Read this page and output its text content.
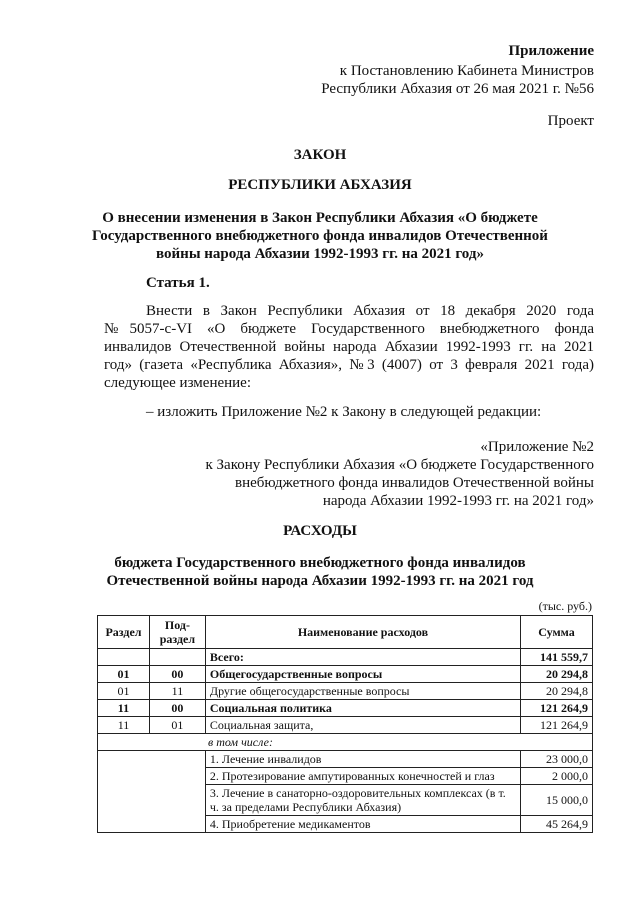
Приложение
к Постановлению Кабинета Министров
Республики Абхазия от 26 мая 2021 г. №56
Проект
ЗАКОН
РЕСПУБЛИКИ АБХАЗИЯ
О внесении изменения в Закон Республики Абхазия «О бюджете
Государственного внебюджетного фонда инвалидов Отечественной
войны народа Абхазии 1992-1993 гг. на 2021 год»
Статья 1.
Внести в Закон Республики Абхазия от 18 декабря 2020 года
№5057-с-VI «О бюджете Государственного внебюджетного фонда
инвалидов Отечественной войны народа Абхазии 1992-1993 гг. на 2021
год» (газета «Республика Абхазия», №3 (4007) от 3 февраля 2021 года)
следующее изменение:
– изложить Приложение №2 к Закону в следующей редакции:
«Приложение №2
к Закону Республики Абхазия «О бюджете Государственного
внебюджетного фонда инвалидов Отечественной войны
народа Абхазии 1992-1993 гг. на 2021 год»
РАСХОДЫ
бюджета Государственного внебюджетного фонда инвалидов
Отечественной войны народа Абхазии 1992-1993 гг. на 2021 год
(тыс. руб.)
Раздел	Под-раздел	Наименование расходов	Сумма
		Всего:	141 559,7
01	00	Общегосударственные вопросы	20 294,8
01	11	Другие общегосударственные вопросы	20 294,8
11	00	Социальная политика	121 264,9
11	01	Социальная защита,	121 264,9
в том числе:			
		1. Лечение инвалидов	23 000,0
		2. Протезирование ампутированных конечностей и глаз	2 000,0
		3. Лечение в санаторно-оздоровительных комплексах (в т. ч. за пределами Республики Абхазия)	15 000,0
		4. Приобретение медикаментов	45 264,9
